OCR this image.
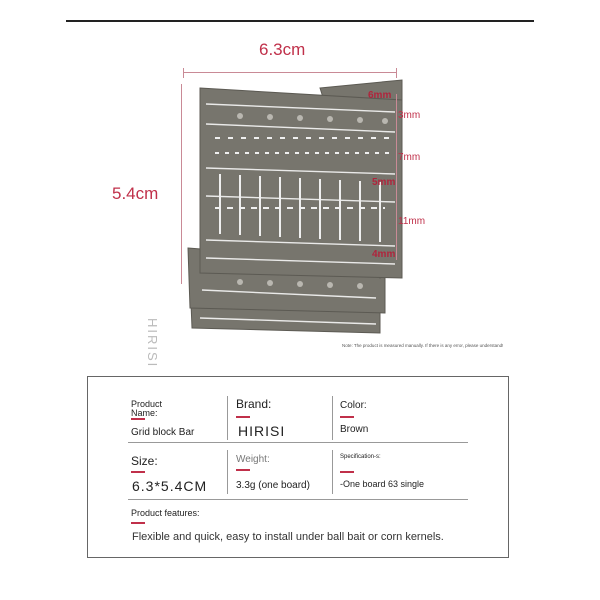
6.3cm
5.4cm
6mm
3mm
7mm
5mm
11mm
4mm
HIRISI	Note: The product is measured manually. If there is any error, please understand!
Product Name:
Grid block Bar
Brand:
HIRISI
Color:
Brown
Size:
6.3*5.4CM
Weight:
3.3g (one board)
Specification-s:
-One board 63 single
Product features:
Flexible and quick, easy to install under ball bait or corn kernels.
